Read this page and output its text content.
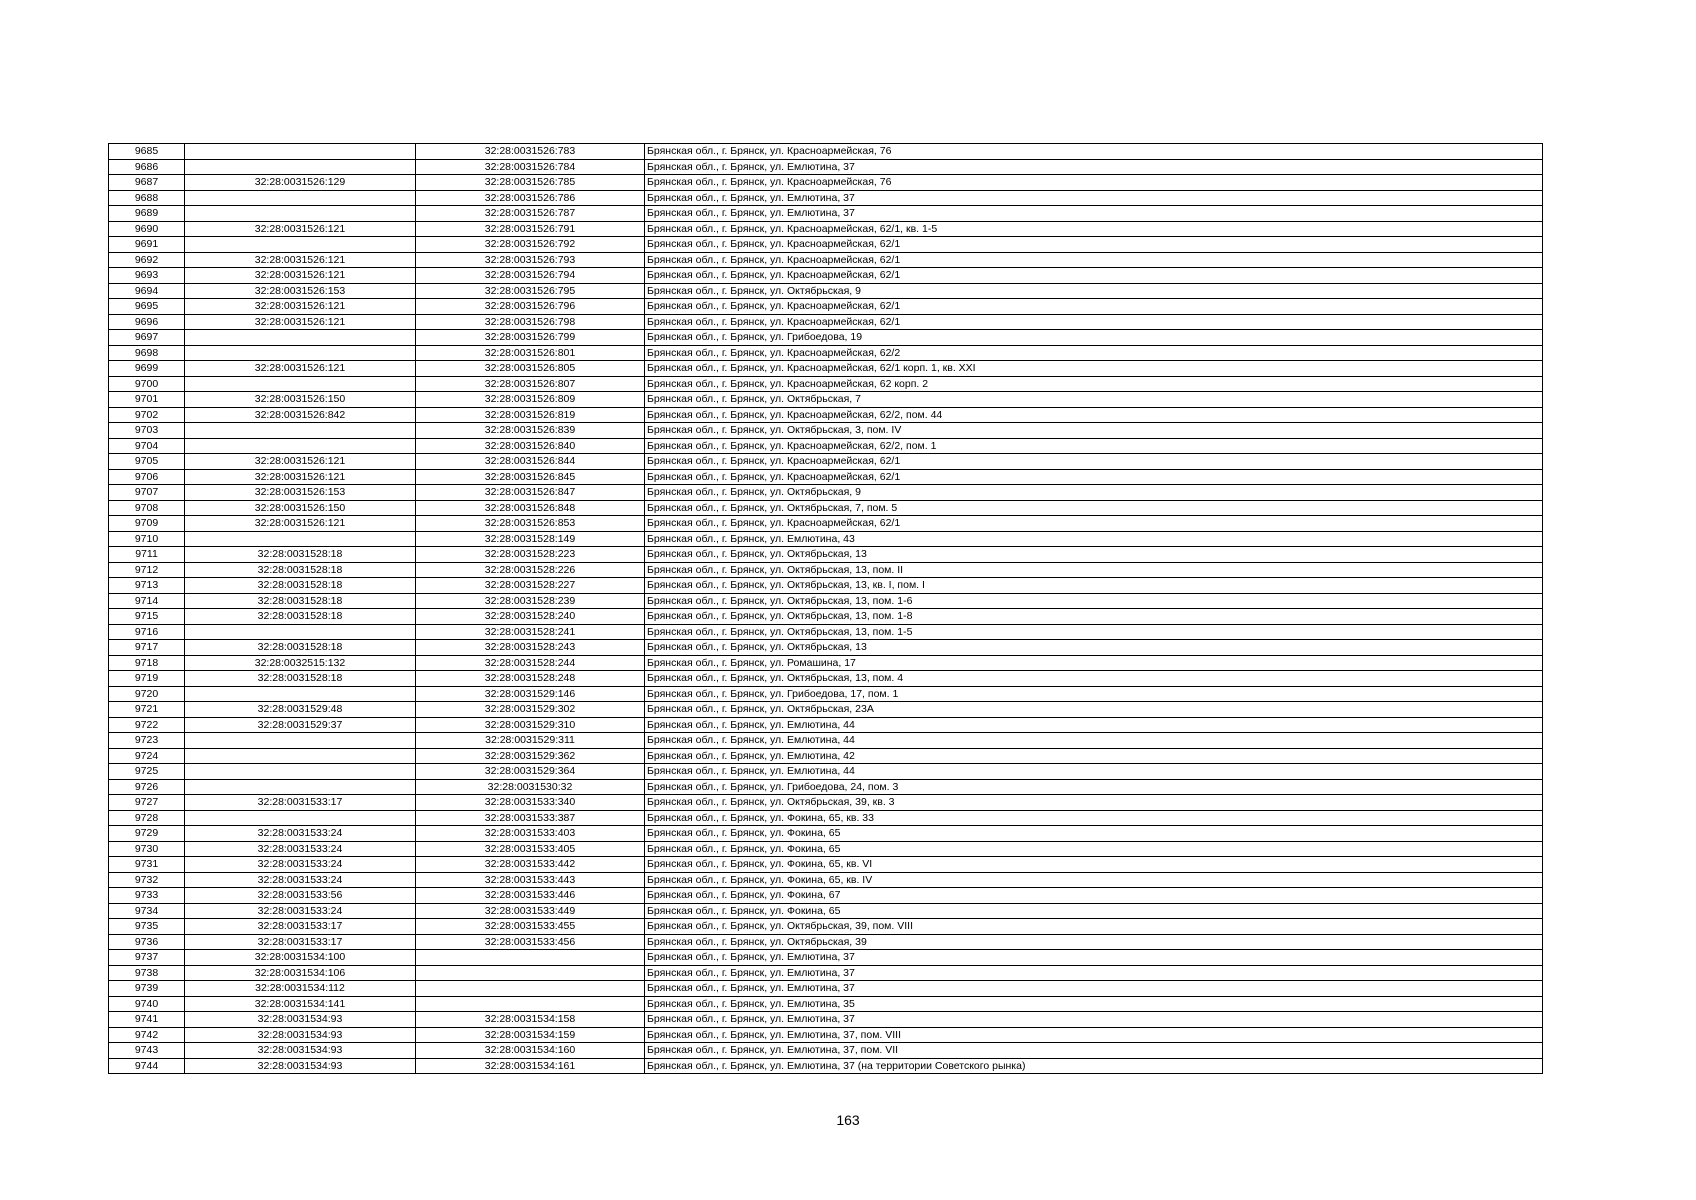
9685		32:28:0031526:783	Брянская обл., г. Брянск, ул. Красноармейская, 76
9686		32:28:0031526:784	Брянская обл., г. Брянск, ул. Емлютина, 37
9687	32:28:0031526:129	32:28:0031526:785	Брянская обл., г. Брянск, ул. Красноармейская, 76
9688		32:28:0031526:786	Брянская обл., г. Брянск, ул. Емлютина, 37
9689		32:28:0031526:787	Брянская обл., г. Брянск, ул. Емлютина, 37
9690	32:28:0031526:121	32:28:0031526:791	Брянская обл., г. Брянск, ул. Красноармейская, 62/1, кв. 1-5
9691		32:28:0031526:792	Брянская обл., г. Брянск, ул. Красноармейская, 62/1
9692	32:28:0031526:121	32:28:0031526:793	Брянская обл., г. Брянск, ул. Красноармейская, 62/1
9693	32:28:0031526:121	32:28:0031526:794	Брянская обл., г. Брянск, ул. Красноармейская, 62/1
9694	32:28:0031526:153	32:28:0031526:795	Брянская обл., г. Брянск, ул. Октябрьская, 9
9695	32:28:0031526:121	32:28:0031526:796	Брянская обл., г. Брянск, ул. Красноармейская, 62/1
9696	32:28:0031526:121	32:28:0031526:798	Брянская обл., г. Брянск, ул. Красноармейская, 62/1
9697		32:28:0031526:799	Брянская обл., г. Брянск, ул. Грибоедова, 19
9698		32:28:0031526:801	Брянская обл., г. Брянск, ул. Красноармейская, 62/2
9699	32:28:0031526:121	32:28:0031526:805	Брянская обл., г. Брянск, ул. Красноармейская, 62/1 корп. 1, кв. XXI
9700		32:28:0031526:807	Брянская обл., г. Брянск, ул. Красноармейская, 62 корп. 2
9701	32:28:0031526:150	32:28:0031526:809	Брянская обл., г. Брянск, ул. Октябрьская, 7
9702	32:28:0031526:842	32:28:0031526:819	Брянская обл., г. Брянск, ул. Красноармейская, 62/2, пом. 44
9703		32:28:0031526:839	Брянская обл., г. Брянск, ул. Октябрьская, 3, пом. IV
9704		32:28:0031526:840	Брянская обл., г. Брянск, ул. Красноармейская, 62/2, пом. 1
9705	32:28:0031526:121	32:28:0031526:844	Брянская обл., г. Брянск, ул. Красноармейская, 62/1
9706	32:28:0031526:121	32:28:0031526:845	Брянская обл., г. Брянск, ул. Красноармейская, 62/1
9707	32:28:0031526:153	32:28:0031526:847	Брянская обл., г. Брянск, ул. Октябрьская, 9
9708	32:28:0031526:150	32:28:0031526:848	Брянская обл., г. Брянск, ул. Октябрьская, 7, пом. 5
9709	32:28:0031526:121	32:28:0031526:853	Брянская обл., г. Брянск, ул. Красноармейская, 62/1
9710		32:28:0031528:149	Брянская обл., г. Брянск, ул. Емлютина, 43
9711	32:28:0031528:18	32:28:0031528:223	Брянская обл., г. Брянск, ул. Октябрьская, 13
9712	32:28:0031528:18	32:28:0031528:226	Брянская обл., г. Брянск, ул. Октябрьская, 13, пом. II
9713	32:28:0031528:18	32:28:0031528:227	Брянская обл., г. Брянск, ул. Октябрьская, 13, кв. I, пом. I
9714	32:28:0031528:18	32:28:0031528:239	Брянская обл., г. Брянск, ул. Октябрьская, 13, пом. 1-6
9715	32:28:0031528:18	32:28:0031528:240	Брянская обл., г. Брянск, ул. Октябрьская, 13, пом. 1-8
9716		32:28:0031528:241	Брянская обл., г. Брянск, ул. Октябрьская, 13, пом. 1-5
9717	32:28:0031528:18	32:28:0031528:243	Брянская обл., г. Брянск, ул. Октябрьская, 13
9718	32:28:0032515:132	32:28:0031528:244	Брянская обл., г. Брянск, ул. Ромашина, 17
9719	32:28:0031528:18	32:28:0031528:248	Брянская обл., г. Брянск, ул. Октябрьская, 13, пом. 4
9720		32:28:0031529:146	Брянская обл., г. Брянск, ул. Грибоедова, 17, пом. 1
9721	32:28:0031529:48	32:28:0031529:302	Брянская обл., г. Брянск, ул. Октябрьская, 23А
9722	32:28:0031529:37	32:28:0031529:310	Брянская обл., г. Брянск, ул. Емлютина, 44
9723		32:28:0031529:311	Брянская обл., г. Брянск, ул. Емлютина, 44
9724		32:28:0031529:362	Брянская обл., г. Брянск, ул. Емлютина, 42
9725		32:28:0031529:364	Брянская обл., г. Брянск, ул. Емлютина, 44
9726		32:28:0031530:32	Брянская обл., г. Брянск, ул. Грибоедова, 24, пом. 3
9727	32:28:0031533:17	32:28:0031533:340	Брянская обл., г. Брянск, ул. Октябрьская, 39, кв. 3
9728		32:28:0031533:387	Брянская обл., г. Брянск, ул. Фокина, 65, кв. 33
9729	32:28:0031533:24	32:28:0031533:403	Брянская обл., г. Брянск, ул. Фокина, 65
9730	32:28:0031533:24	32:28:0031533:405	Брянская обл., г. Брянск, ул. Фокина, 65
9731	32:28:0031533:24	32:28:0031533:442	Брянская обл., г. Брянск, ул. Фокина, 65, кв. VI
9732	32:28:0031533:24	32:28:0031533:443	Брянская обл., г. Брянск, ул. Фокина, 65, кв. IV
9733	32:28:0031533:56	32:28:0031533:446	Брянская обл., г. Брянск, ул. Фокина, 67
9734	32:28:0031533:24	32:28:0031533:449	Брянская обл., г. Брянск, ул. Фокина, 65
9735	32:28:0031533:17	32:28:0031533:455	Брянская обл., г. Брянск, ул. Октябрьская, 39, пом. VIII
9736	32:28:0031533:17	32:28:0031533:456	Брянская обл., г. Брянск, ул. Октябрьская, 39
9737	32:28:0031534:100		Брянская обл., г. Брянск, ул. Емлютина, 37
9738	32:28:0031534:106		Брянская обл., г. Брянск, ул. Емлютина, 37
9739	32:28:0031534:112		Брянская обл., г. Брянск, ул. Емлютина, 37
9740	32:28:0031534:141		Брянская обл., г. Брянск, ул. Емлютина, 35
9741	32:28:0031534:93	32:28:0031534:158	Брянская обл., г. Брянск, ул. Емлютина, 37
9742	32:28:0031534:93	32:28:0031534:159	Брянская обл., г. Брянск, ул. Емлютина, 37, пом. VIII
9743	32:28:0031534:93	32:28:0031534:160	Брянская обл., г. Брянск, ул. Емлютина, 37, пом. VII
9744	32:28:0031534:93	32:28:0031534:161	Брянская обл., г. Брянск, ул. Емлютина, 37 (на территории Советского рынка)
163
